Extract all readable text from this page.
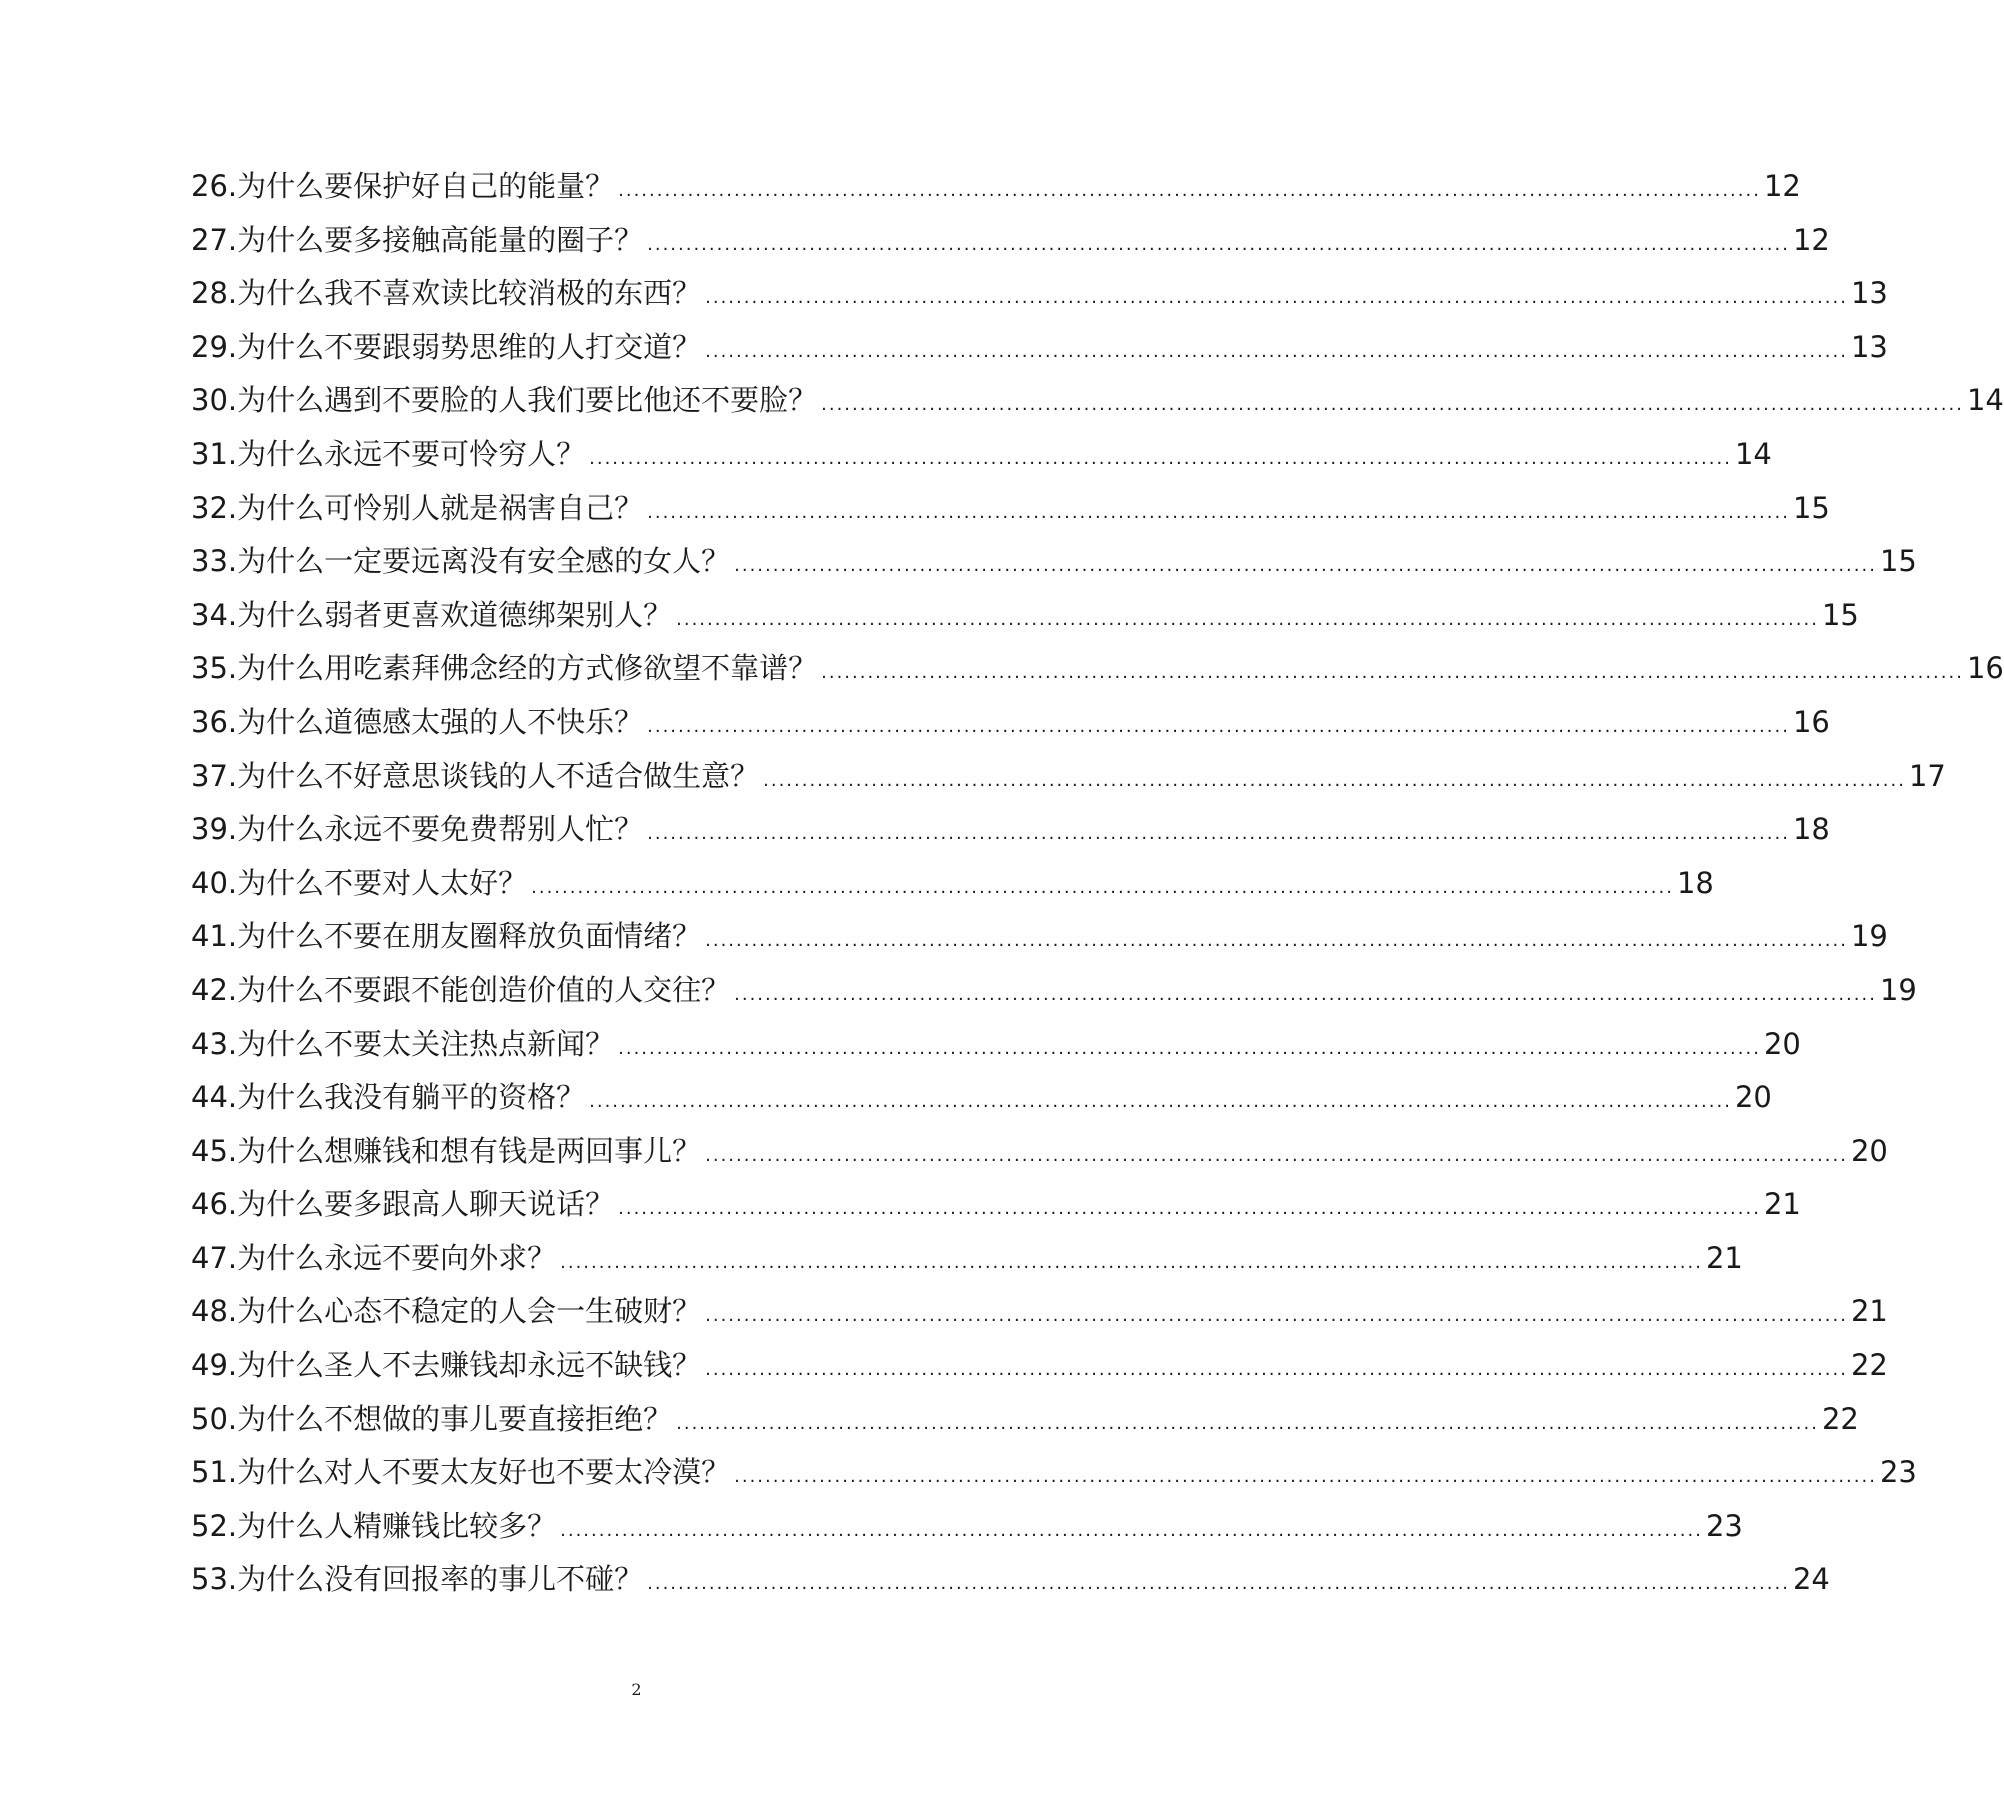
26.为什么要保护好自己的能量？ .................................................................................................................................................... 12
27.为什么要多接触高能量的圈子？ .................................................................................................................................................... 12
28.为什么我不喜欢读比较消极的东西？ .................................................................................................................................................... 13
29.为什么不要跟弱势思维的人打交道？ .................................................................................................................................................... 13
30.为什么遇到不要脸的人我们要比他还不要脸？ .................................................................................................................................................... 14
31.为什么永远不要可怜穷人？ .................................................................................................................................................... 14
32.为什么可怜别人就是祸害自己？ .................................................................................................................................................... 15
33.为什么一定要远离没有安全感的女人？ .................................................................................................................................................... 15
34.为什么弱者更喜欢道德绑架别人？ .................................................................................................................................................... 15
35.为什么用吃素拜佛念经的方式修欲望不靠谱？ .................................................................................................................................................... 16
36.为什么道德感太强的人不快乐？ .................................................................................................................................................... 16
37.为什么不好意思谈钱的人不适合做生意？ .................................................................................................................................................... 17
39.为什么永远不要免费帮别人忙？ .................................................................................................................................................... 18
40.为什么不要对人太好？ .................................................................................................................................................... 18
41.为什么不要在朋友圈释放负面情绪？ .................................................................................................................................................... 19
42.为什么不要跟不能创造价值的人交往？ .................................................................................................................................................... 19
43.为什么不要太关注热点新闻？ .................................................................................................................................................... 20
44.为什么我没有躺平的资格？ .................................................................................................................................................... 20
45.为什么想赚钱和想有钱是两回事儿？ .................................................................................................................................................... 20
46.为什么要多跟高人聊天说话？ .................................................................................................................................................... 21
47.为什么永远不要向外求？ .................................................................................................................................................... 21
48.为什么心态不稳定的人会一生破财？ .................................................................................................................................................... 21
49.为什么圣人不去赚钱却永远不缺钱？ .................................................................................................................................................... 22
50.为什么不想做的事儿要直接拒绝？ .................................................................................................................................................... 22
51.为什么对人不要太友好也不要太冷漠？ .................................................................................................................................................... 23
52.为什么人精赚钱比较多？ .................................................................................................................................................... 23
53.为什么没有回报率的事儿不碰？ .................................................................................................................................................... 24
2
